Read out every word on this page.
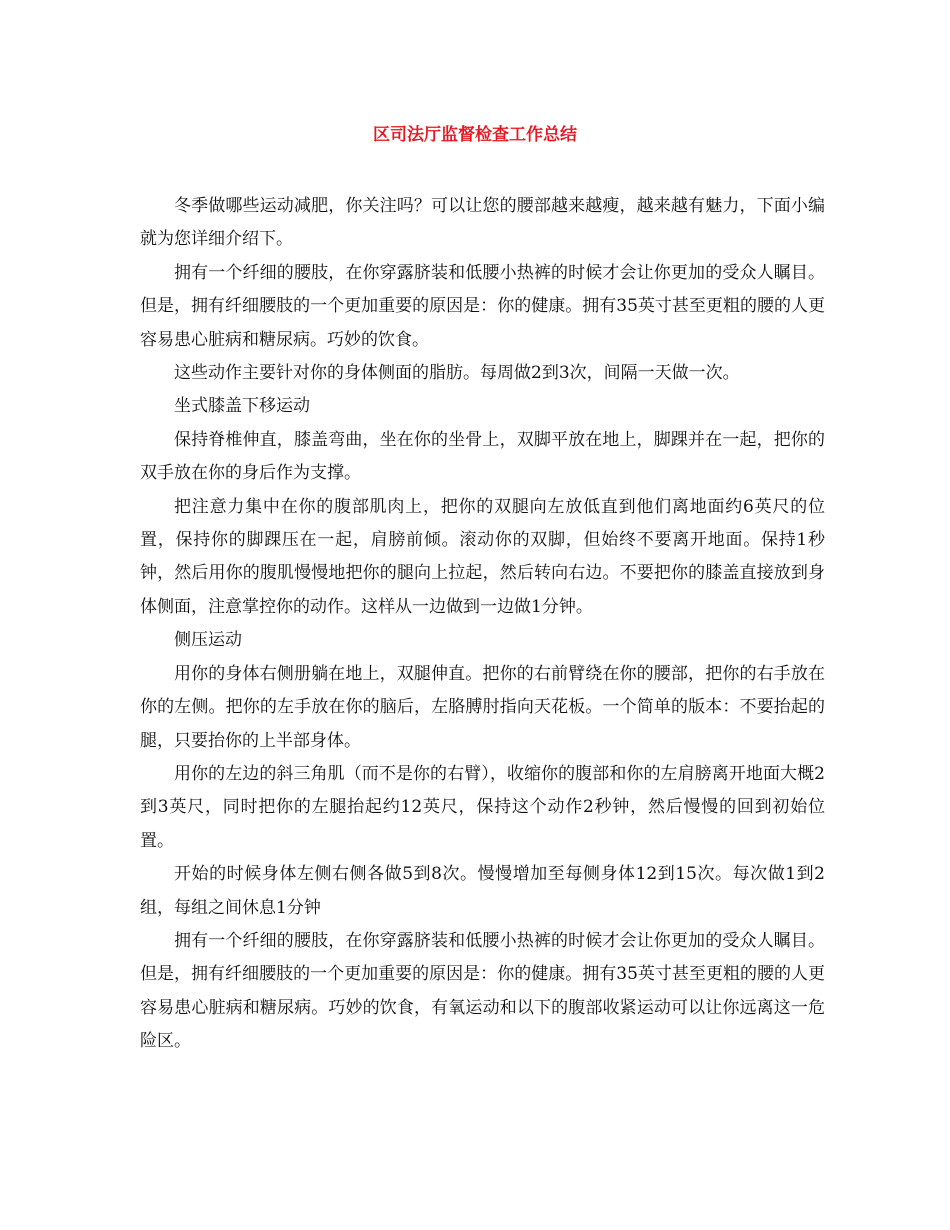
区司法厅监督检查工作总结

冬季做哪些运动减肥，你关注吗？可以让您的腰部越来越瘦，越来越有魅力，下面小编就为您详细介绍下。

拥有一个纤细的腰肢，在你穿露脐装和低腰小热裤的时候才会让你更加的受众人瞩目。但是，拥有纤细腰肢的一个更加重要的原因是：你的健康。拥有35英寸甚至更粗的腰的人更容易患心脏病和糖尿病。巧妙的饮食。

这些动作主要针对你的身体侧面的脂肪。每周做2到3次，间隔一天做一次。

坐式膝盖下移运动

保持脊椎伸直，膝盖弯曲，坐在你的坐骨上，双脚平放在地上，脚踝并在一起，把你的双手放在你的身后作为支撑。

把注意力集中在你的腹部肌肉上，把你的双腿向左放低直到他们离地面约6英尺的位置，保持你的脚踝压在一起，肩膀前倾。滚动你的双脚，但始终不要离开地面。保持1秒钟，然后用你的腹肌慢慢地把你的腿向上拉起，然后转向右边。不要把你的膝盖直接放到身体侧面，注意掌控你的动作。这样从一边做到一边做1分钟。

侧压运动

用你的身体右侧册躺在地上，双腿伸直。把你的右前臂绕在你的腰部，把你的右手放在你的左侧。把你的左手放在你的脑后，左胳膊肘指向天花板。一个简单的版本：不要抬起的腿，只要抬你的上半部身体。

用你的左边的斜三角肌（而不是你的右臂），收缩你的腹部和你的左肩膀离开地面大概2到3英尺，同时把你的左腿抬起约12英尺，保持这个动作2秒钟，然后慢慢的回到初始位置。

开始的时候身体左侧右侧各做5到8次。慢慢增加至每侧身体12到15次。每次做1到2组，每组之间休息1分钟

拥有一个纤细的腰肢，在你穿露脐装和低腰小热裤的时候才会让你更加的受众人瞩目。但是，拥有纤细腰肢的一个更加重要的原因是：你的健康。拥有35英寸甚至更粗的腰的人更容易患心脏病和糖尿病。巧妙的饮食，有氧运动和以下的腹部收紧运动可以让你远离这一危险区。
